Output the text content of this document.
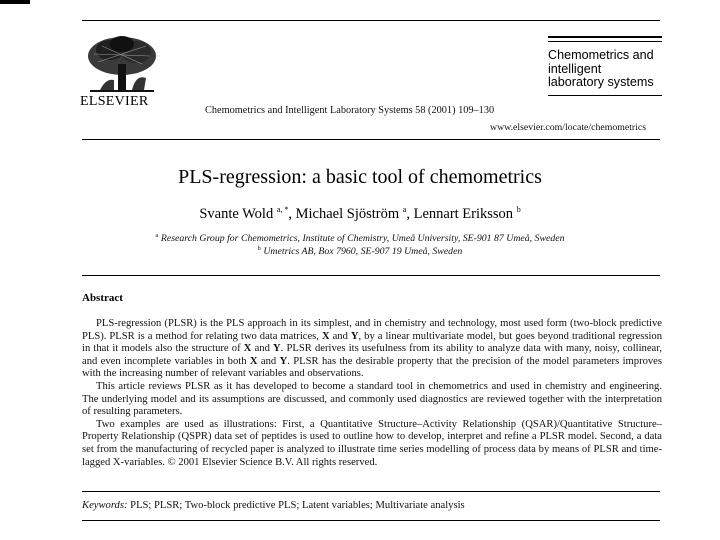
ELSEVIER
Chemometrics and Intelligent Laboratory Systems 58 (2001) 109–130
Chemometrics and
intelligent
laboratory systems
www.elsevier.com/locate/chemometrics
PLS-regression: a basic tool of chemometrics
Svante Wold $^{a, *}$, Michael Sjöström $^a$, Lennart Eriksson $^b$
$^a$ Research Group for Chemometrics, Institute of Chemistry, Umeå University, SE-901 87 Umeå, Sweden
$^b$ Umetrics AB, Box 7960, SE-907 19 Umeå, Sweden
Abstract

PLS-regression (PLSR) is the PLS approach in its simplest, and in chemistry and technology, most used form (two-block predictive PLS). PLSR is a method for relating two data matrices, X and Y, by a linear multivariate model, but goes beyond traditional regression in that it models also the structure of X and Y. PLSR derives its usefulness from its ability to analyze data with many, noisy, collinear, and even incomplete variables in both X and Y. PLSR has the desirable property that the precision of the model parameters improves with the increasing number of relevant variables and observations.

This article reviews PLSR as it has developed to become a standard tool in chemometrics and used in chemistry and engineering. The underlying model and its assumptions are discussed, and commonly used diagnostics are reviewed together with the interpretation of resulting parameters.

Two examples are used as illustrations: First, a Quantitative Structure–Activity Relationship (QSAR)/Quantitative Structure–Property Relationship (QSPR) data set of peptides is used to outline how to develop, interpret and refine a PLSR model. Second, a data set from the manufacturing of recycled paper is analyzed to illustrate time series modelling of process data by means of PLSR and time-lagged X-variables. © 2001 Elsevier Science B.V. All rights reserved.

Keywords: PLS; PLSR; Two-block predictive PLS; Latent variables; Multivariate analysis
